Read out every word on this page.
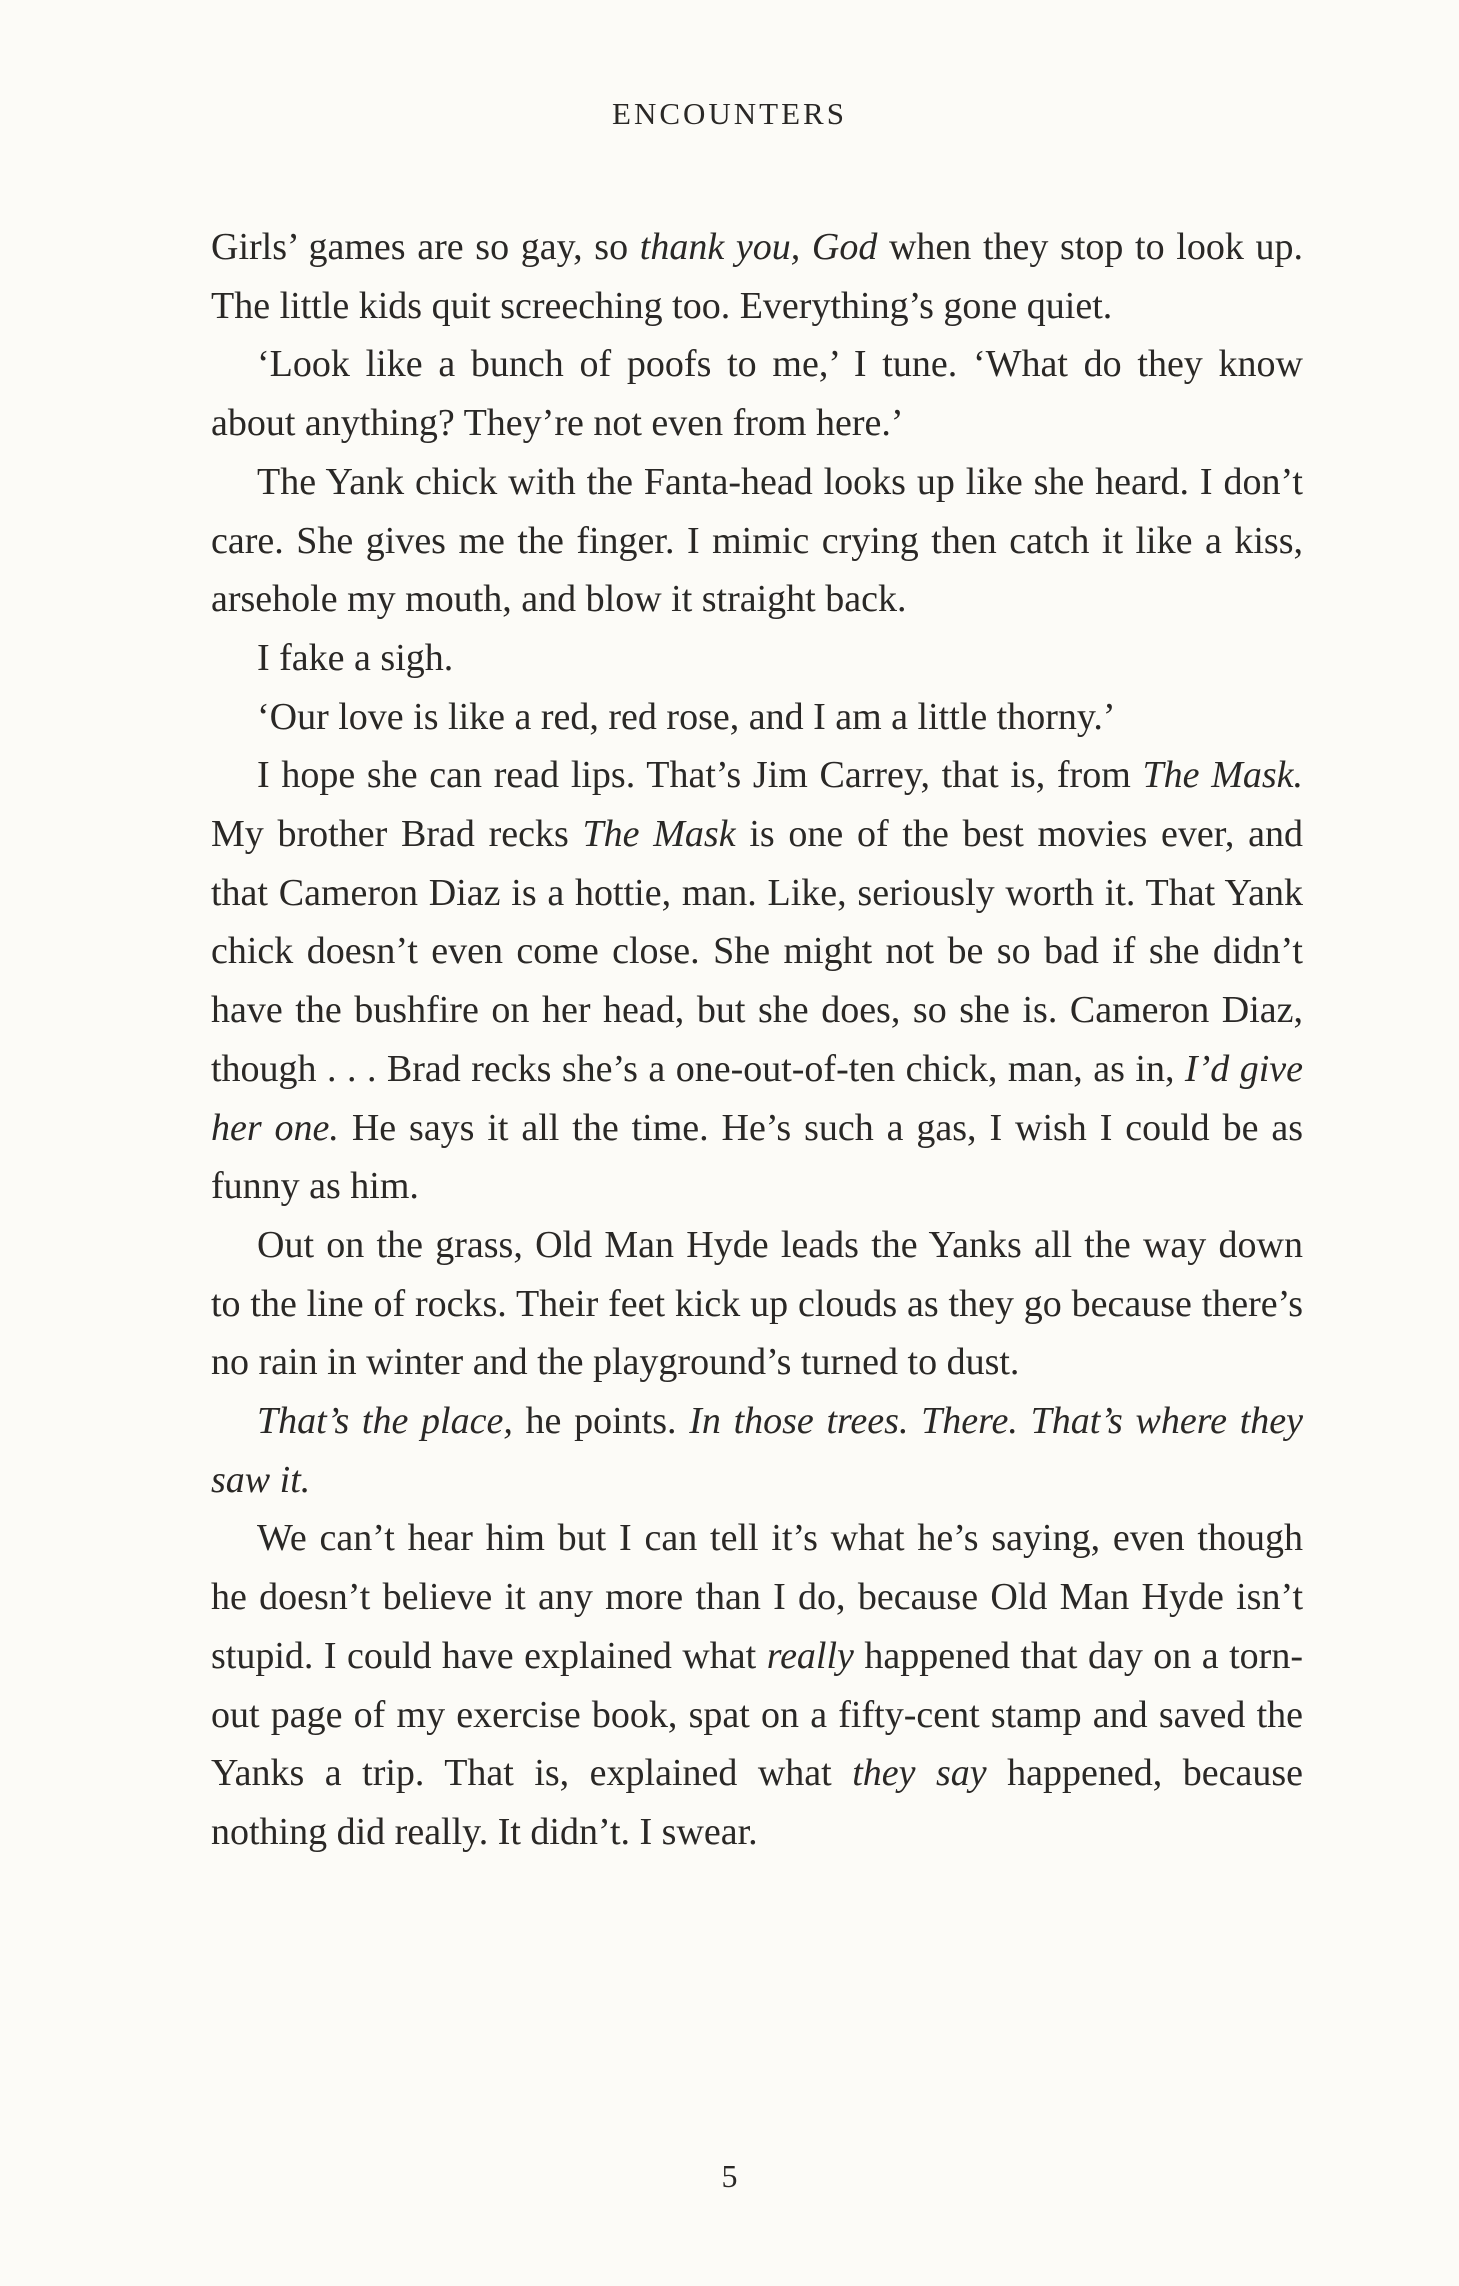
ENCOUNTERS

Girls’ games are so gay, so thank you, God when they stop to look up. The little kids quit screeching too. Everything’s gone quiet.

‘Look like a bunch of poofs to me,’ I tune. ‘What do they know about anything? They’re not even from here.’

The Yank chick with the Fanta-head looks up like she heard. I don’t care. She gives me the finger. I mimic crying then catch it like a kiss, arsehole my mouth, and blow it straight back.

I fake a sigh.

‘Our love is like a red, red rose, and I am a little thorny.’

I hope she can read lips. That’s Jim Carrey, that is, from The Mask. My brother Brad recks The Mask is one of the best movies ever, and that Cameron Diaz is a hottie, man. Like, seriously worth it. That Yank chick doesn’t even come close. She might not be so bad if she didn’t have the bushfire on her head, but she does, so she is. Cameron Diaz, though . . . Brad recks she’s a one-out-of-ten chick, man, as in, I’d give her one. He says it all the time. He’s such a gas, I wish I could be as funny as him.

Out on the grass, Old Man Hyde leads the Yanks all the way down to the line of rocks. Their feet kick up clouds as they go because there’s no rain in winter and the playground’s turned to dust.

That’s the place, he points. In those trees. There. That’s where they saw it.

We can’t hear him but I can tell it’s what he’s saying, even though he doesn’t believe it any more than I do, because Old Man Hyde isn’t stupid. I could have explained what really happened that day on a torn-out page of my exercise book, spat on a fifty-cent stamp and saved the Yanks a trip. That is, explained what they say happened, because nothing did really. It didn’t. I swear.

5
